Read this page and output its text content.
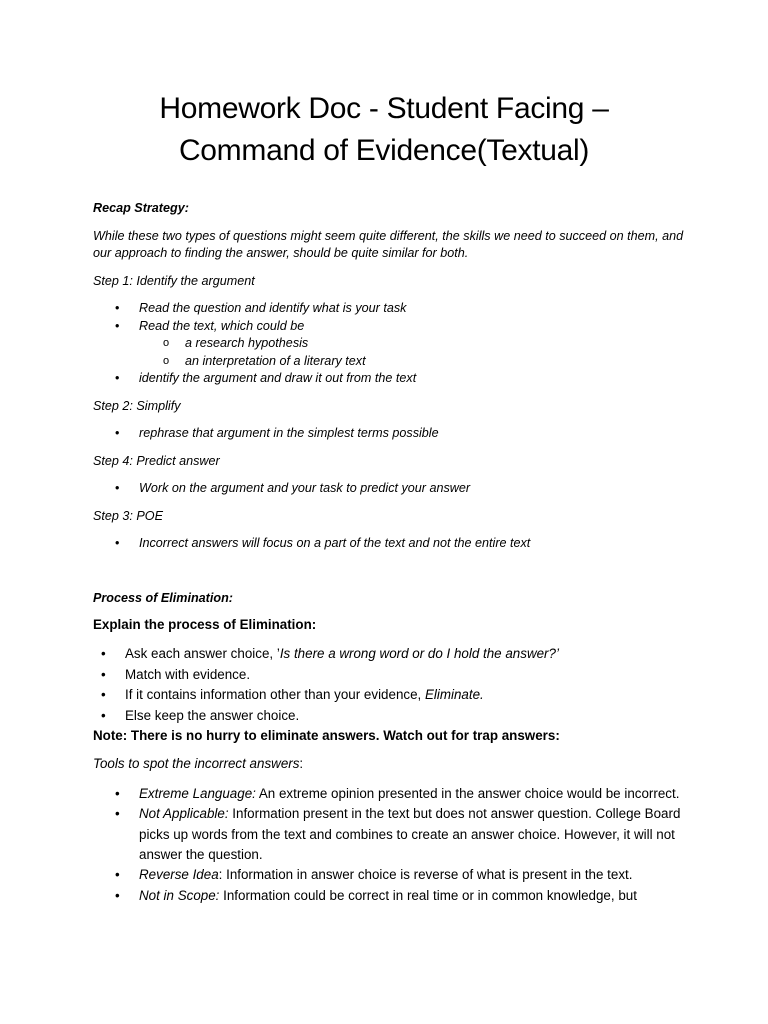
Homework Doc - Student Facing –
Command of Evidence(Textual)

Recap Strategy:

While these two types of questions might seem quite different, the skills we need to succeed on them, and our approach to finding the answer, should be quite similar for both.

Step 1: Identify the argument

• Read the question and identify what is your task
• Read the text, which could be
o a research hypothesis
o an interpretation of a literary text
• identify the argument and draw it out from the text

Step 2: Simplify

• rephrase that argument in the simplest terms possible

Step 4: Predict answer

• Work on the argument and your task to predict your answer

Step 3: POE

• Incorrect answers will focus on a part of the text and not the entire text

Process of Elimination:

Explain the process of Elimination:

• Ask each answer choice, ’Is there a wrong word or do I hold the answer?’
• Match with evidence.
• If it contains information other than your evidence, Eliminate.
• Else keep the answer choice.

Note: There is no hurry to eliminate answers. Watch out for trap answers:

Tools to spot the incorrect answers:

• Extreme Language: An extreme opinion presented in the answer choice would be incorrect.
• Not Applicable: Information present in the text but does not answer question. College Board picks up words from the text and combines to create an answer choice. However, it will not answer the question.
• Reverse Idea: Information in answer choice is reverse of what is present in the text.
• Not in Scope: Information could be correct in real time or in common knowledge, but
